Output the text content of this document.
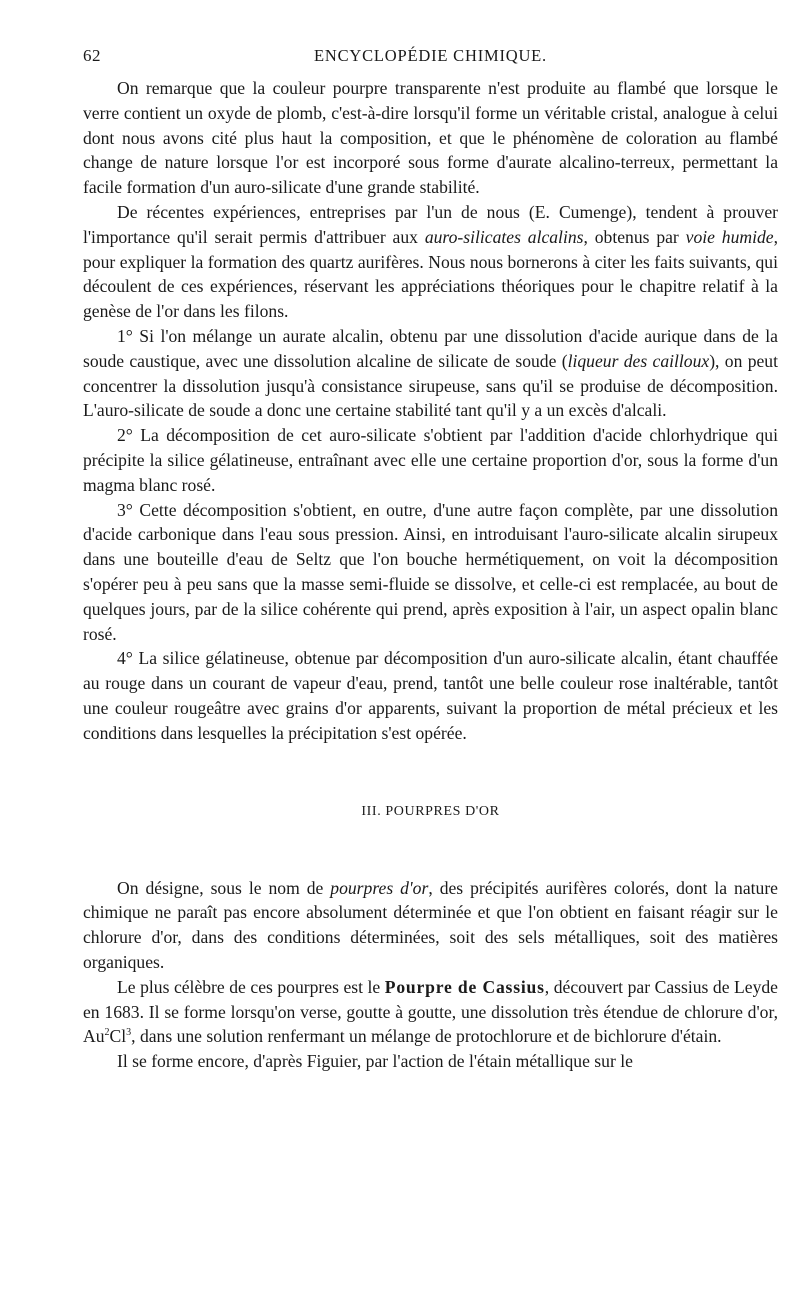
62	ENCYCLOPÉDIE CHIMIQUE.

On remarque que la couleur pourpre transparente n'est produite au flambé que lorsque le verre contient un oxyde de plomb, c'est-à-dire lorsqu'il forme un véritable cristal, analogue à celui dont nous avons cité plus haut la composition, et que le phénomène de coloration au flambé change de nature lorsque l'or est incorporé sous forme d'aurate alcalino-terreux, permettant la facile formation d'un auro-silicate d'une grande stabilité.

De récentes expériences, entreprises par l'un de nous (E. Cumenge), tendent à prouver l'importance qu'il serait permis d'attribuer aux auro-silicates alcalins, obtenus par voie humide, pour expliquer la formation des quartz aurifères. Nous nous bornerons à citer les faits suivants, qui découlent de ces expériences, réservant les appréciations théoriques pour le chapitre relatif à la genèse de l'or dans les filons.

1° Si l'on mélange un aurate alcalin, obtenu par une dissolution d'acide aurique dans de la soude caustique, avec une dissolution alcaline de silicate de soude (liqueur des cailloux), on peut concentrer la dissolution jusqu'à consistance sirupeuse, sans qu'il se produise de décomposition. L'auro-silicate de soude a donc une certaine stabilité tant qu'il y a un excès d'alcali.

2° La décomposition de cet auro-silicate s'obtient par l'addition d'acide chlorhydrique qui précipite la silice gélatineuse, entraînant avec elle une certaine proportion d'or, sous la forme d'un magma blanc rosé.

3° Cette décomposition s'obtient, en outre, d'une autre façon complète, par une dissolution d'acide carbonique dans l'eau sous pression. Ainsi, en introduisant l'auro-silicate alcalin sirupeux dans une bouteille d'eau de Seltz que l'on bouche hermétiquement, on voit la décomposition s'opérer peu à peu sans que la masse semi-fluide se dissolve, et celle-ci est remplacée, au bout de quelques jours, par de la silice cohérente qui prend, après exposition à l'air, un aspect opalin blanc rosé.

4° La silice gélatineuse, obtenue par décomposition d'un auro-silicate alcalin, étant chauffée au rouge dans un courant de vapeur d'eau, prend, tantôt une belle couleur rose inaltérable, tantôt une couleur rougeâtre avec grains d'or apparents, suivant la proportion de métal précieux et les conditions dans lesquelles la précipitation s'est opérée.

III. POURPRES D'OR

On désigne, sous le nom de pourpres d'or, des précipités aurifères colorés, dont la nature chimique ne paraît pas encore absolument déterminée et que l'on obtient en faisant réagir sur le chlorure d'or, dans des conditions déterminées, soit des sels métalliques, soit des matières organiques.

Le plus célèbre de ces pourpres est le Pourpre de Cassius, découvert par Cassius de Leyde en 1683. Il se forme lorsqu'on verse, goutte à goutte, une dissolution très étendue de chlorure d'or, Au$^2$Cl$^3$, dans une solution renfermant un mélange de protochlorure et de bichlorure d'étain.

Il se forme encore, d'après Figuier, par l'action de l'étain métallique sur le
